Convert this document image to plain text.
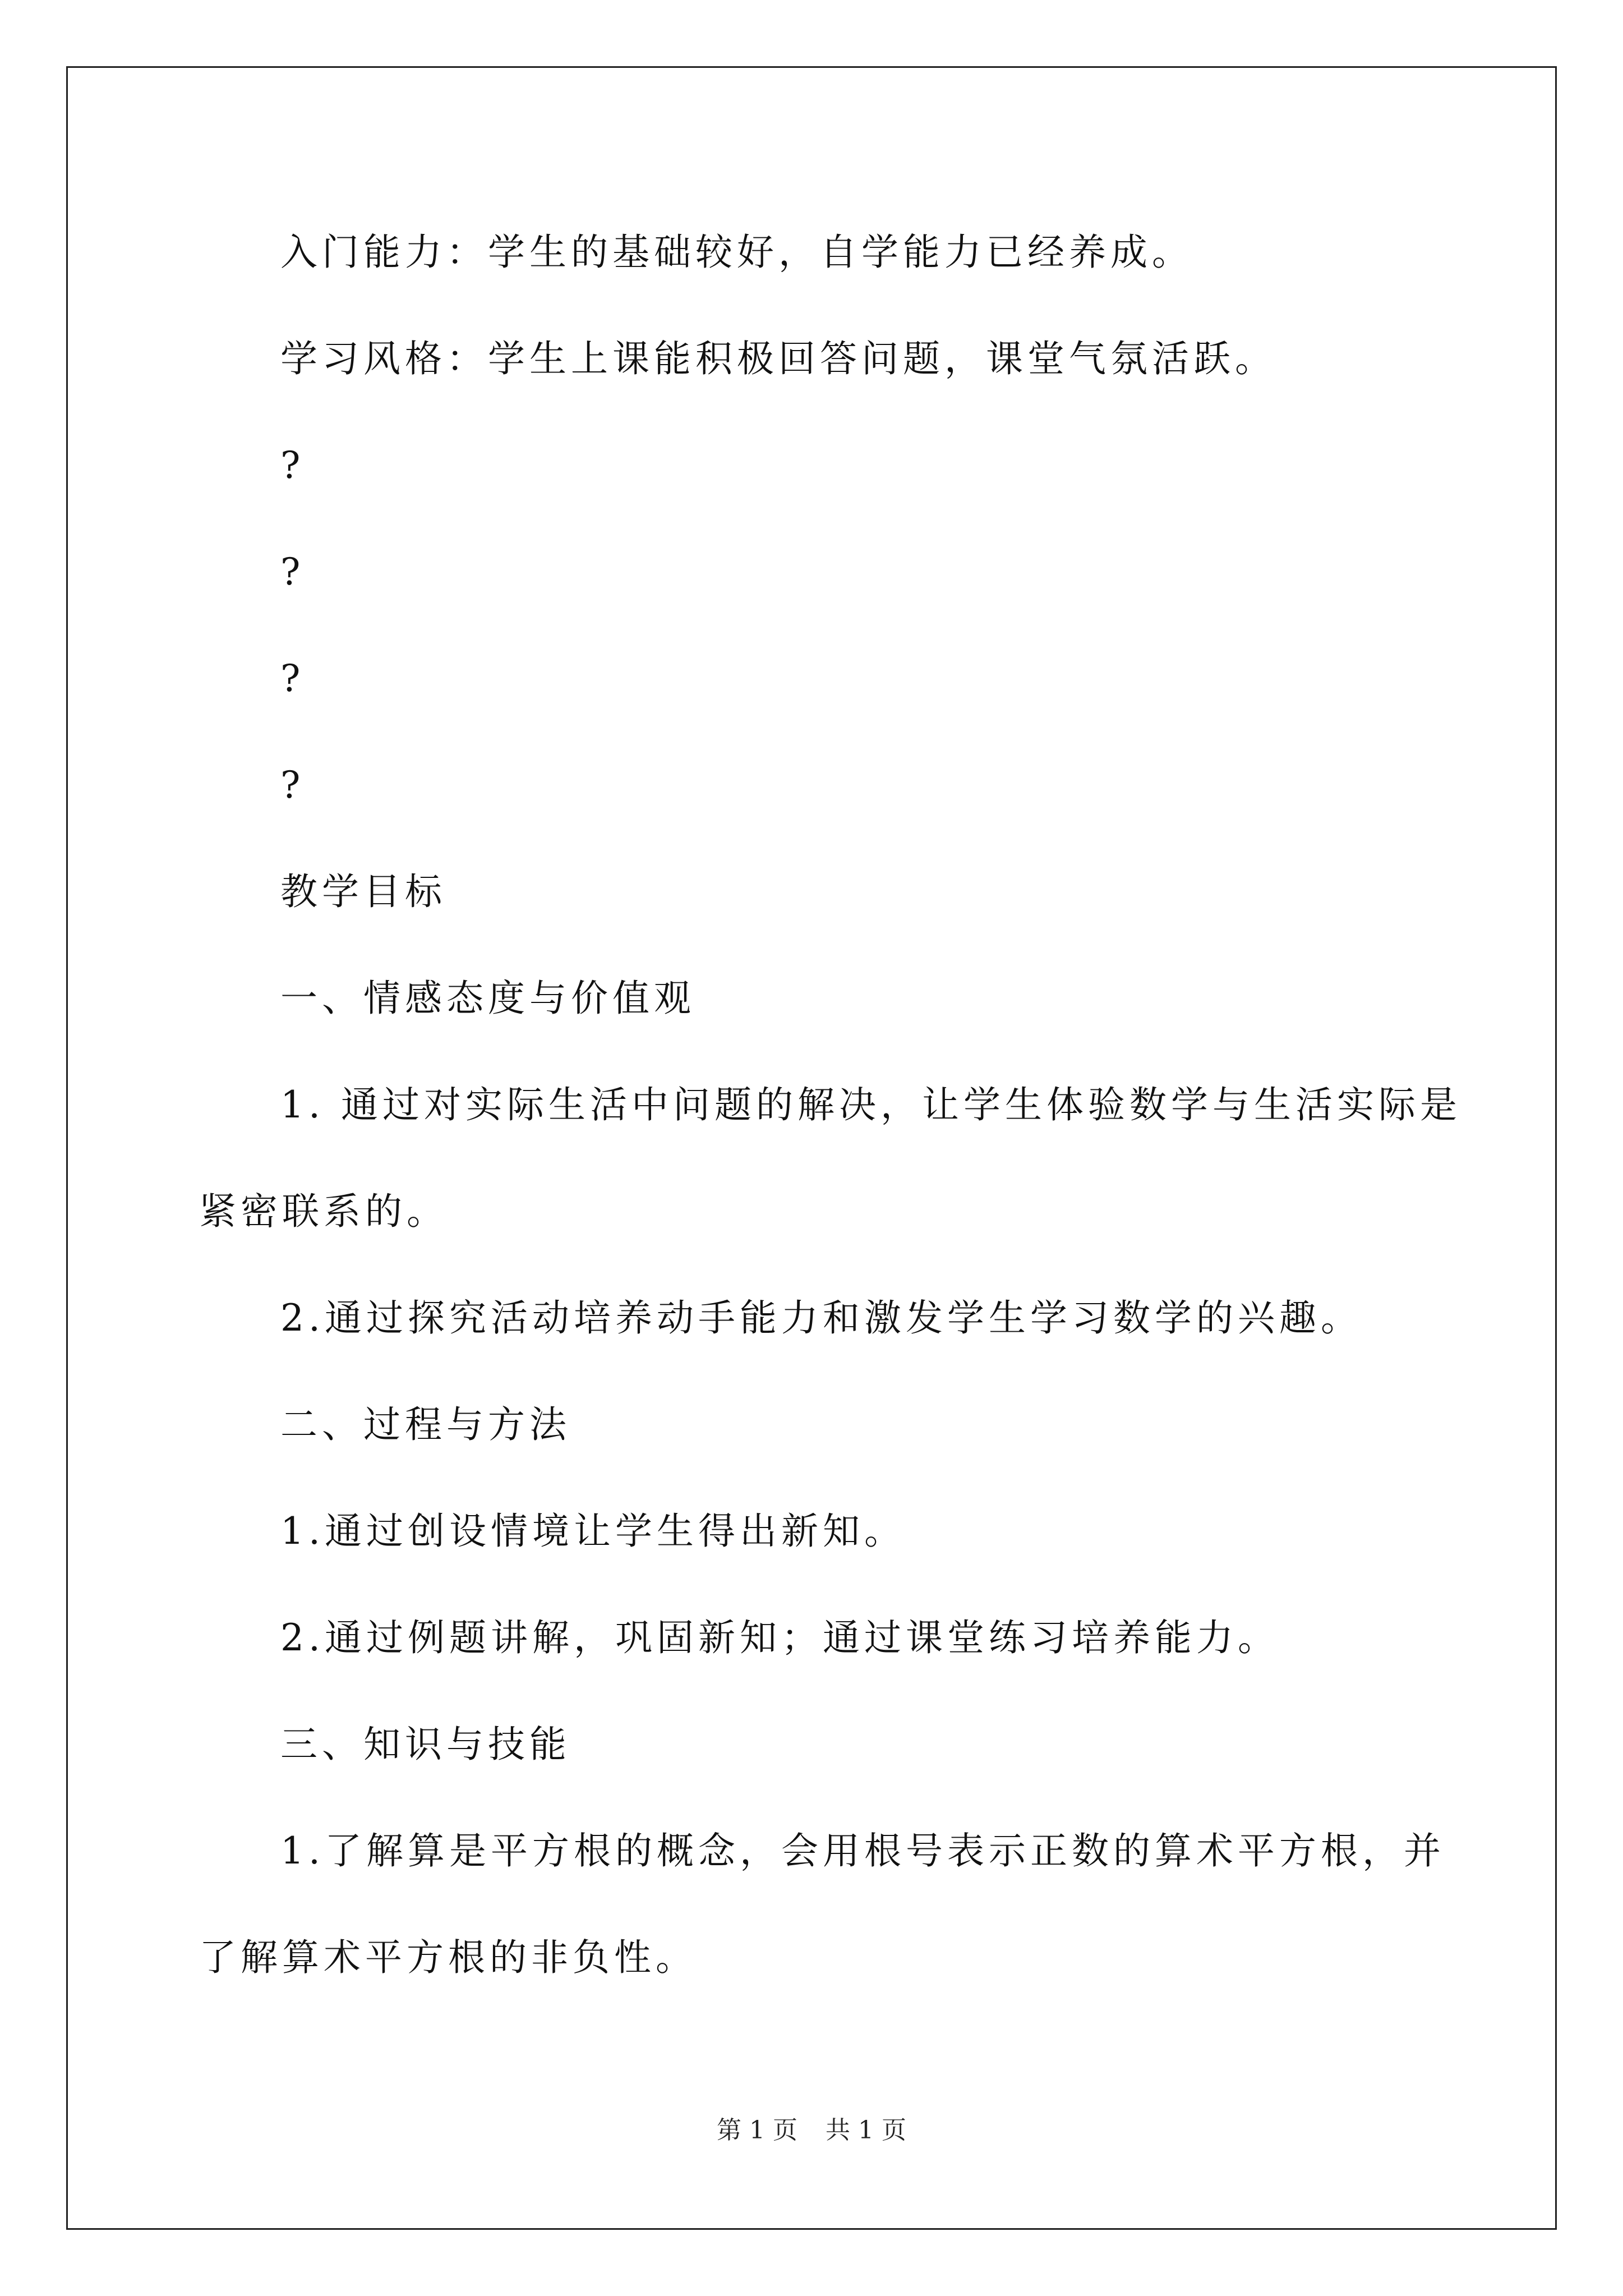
入门能力：学生的基础较好，自学能力已经养成。
学习风格：学生上课能积极回答问题，课堂气氛活跃。
?
?
?
?
教学目标
一、情感态度与价值观
1. 通过对实际生活中问题的解决，让学生体验数学与生活实际是
紧密联系的。
2.通过探究活动培养动手能力和激发学生学习数学的兴趣。
二、过程与方法
1.通过创设情境让学生得出新知。
2.通过例题讲解，巩固新知；通过课堂练习培养能力。
三、知识与技能
1.了解算是平方根的概念，会用根号表示正数的算术平方根，并
了解算术平方根的非负性。
第 1 页 共 1 页
